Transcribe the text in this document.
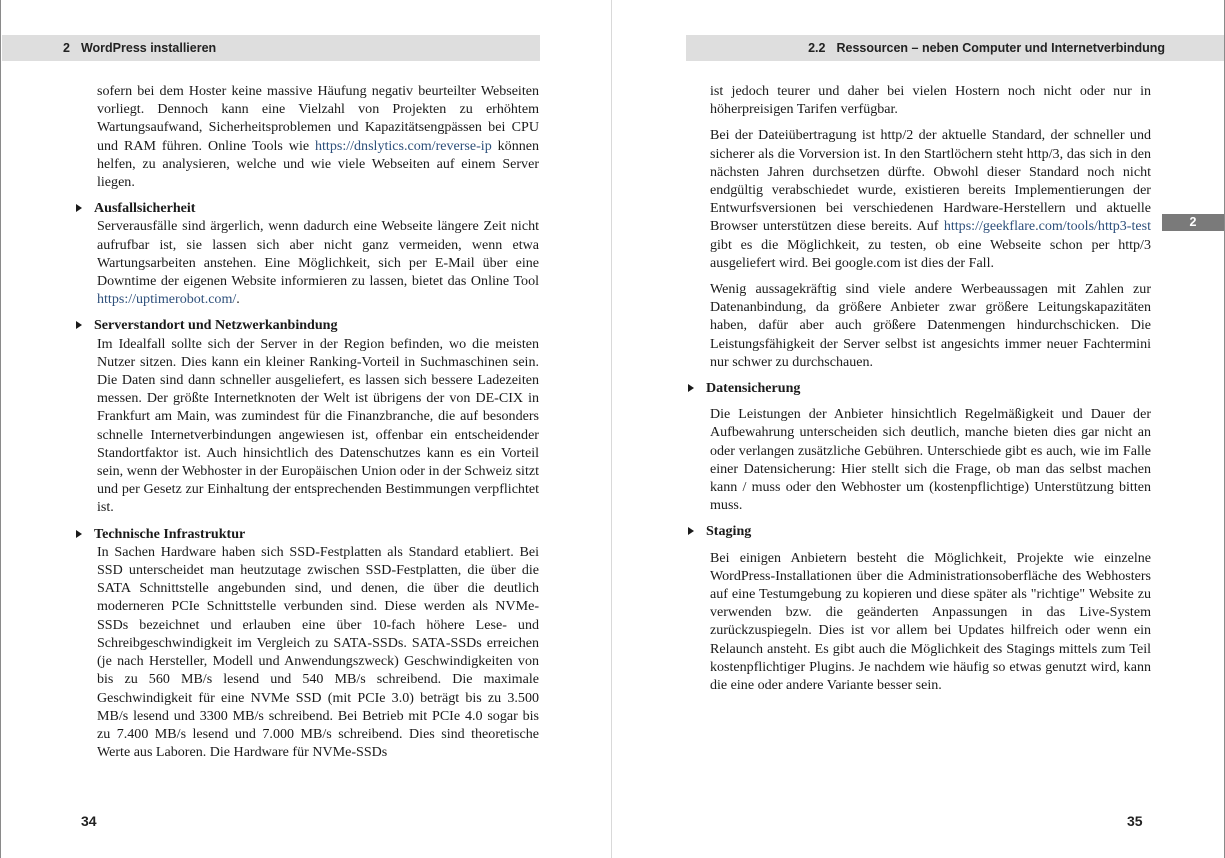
2 WordPress installieren

sofern bei dem Hoster keine massive Häufung negativ beurteilter Webseiten vorliegt. Dennoch kann eine Vielzahl von Projekten zu erhöhtem Wartungsaufwand, Sicherheitsproblemen und Kapazitätsengpässen bei CPU und RAM führen. Online Tools wie https://dnslytics.com/reverse-ip können helfen, zu analysieren, welche und wie viele Webseiten auf einem Server liegen.

Ausfallsicherheit

Serverausfälle sind ärgerlich, wenn dadurch eine Webseite längere Zeit nicht aufrufbar ist, sie lassen sich aber nicht ganz vermeiden, wenn etwa Wartungsarbeiten anstehen. Eine Möglichkeit, sich per E-Mail über eine Downtime der eigenen Website informieren zu lassen, bietet das Online Tool https://uptimerobot.com/.

Serverstandort und Netzwerkanbindung

Im Idealfall sollte sich der Server in der Region befinden, wo die meisten Nutzer sitzen. Dies kann ein kleiner Ranking-Vorteil in Suchmaschinen sein. Die Daten sind dann schneller ausgeliefert, es lassen sich bessere Ladezeiten messen. Der größte Internetknoten der Welt ist übrigens der von DE-CIX in Frankfurt am Main, was zumindest für die Finanzbranche, die auf besonders schnelle Internetverbindungen angewiesen ist, offenbar ein entscheidender Standortfaktor ist. Auch hinsichtlich des Datenschutzes kann es ein Vorteil sein, wenn der Webhoster in der Europäischen Union oder in der Schweiz sitzt und per Gesetz zur Einhaltung der entsprechenden Bestimmungen verpflichtet ist.

Technische Infrastruktur

In Sachen Hardware haben sich SSD-Festplatten als Standard etabliert. Bei SSD unterscheidet man heutzutage zwischen SSD-Festplatten, die über die SATA Schnittstelle angebunden sind, und denen, die über die deutlich moderneren PCIe Schnittstelle verbunden sind. Diese werden als NVMe-SSDs bezeichnet und erlauben eine über 10-fach höhere Lese- und Schreibgeschwindigkeit im Vergleich zu SATA-SSDs. SATA-SSDs erreichen (je nach Hersteller, Modell und Anwendungszweck) Geschwindigkeiten von bis zu 560 MB/s lesend und 540 MB/s schreibend. Die maximale Geschwindigkeit für eine NVMe SSD (mit PCIe 3.0) beträgt bis zu 3.500 MB/s lesend und 3300 MB/s schreibend. Bei Betrieb mit PCIe 4.0 sogar bis zu 7.400 MB/s lesend und 7.000 MB/s schreibend. Dies sind theoretische Werte aus Laboren. Die Hardware für NVMe-SSDs

34
2.2 Ressourcen – neben Computer und Internetverbindung
2

ist jedoch teurer und daher bei vielen Hostern noch nicht oder nur in höherpreisigen Tarifen verfügbar.

Bei der Dateiübertragung ist http/2 der aktuelle Standard, der schneller und sicherer als die Vorversion ist. In den Startlöchern steht http/3, das sich in den nächsten Jahren durchsetzen dürfte. Obwohl dieser Standard noch nicht endgültig verabschiedet wurde, existieren bereits Implementierungen der Entwurfsversionen bei verschiedenen Hardware-Herstellern und aktuelle Browser unterstützen diese bereits. Auf https://geekflare.com/tools/http3-test gibt es die Möglichkeit, zu testen, ob eine Webseite schon per http/3 ausgeliefert wird. Bei google.com ist dies der Fall.

Wenig aussagekräftig sind viele andere Werbeaussagen mit Zahlen zur Datenanbindung, da größere Anbieter zwar größere Leitungskapazitäten haben, dafür aber auch größere Datenmengen hindurchschicken. Die Leistungsfähigkeit der Server selbst ist angesichts immer neuer Fachtermini nur schwer zu durchschauen.

Datensicherung

Die Leistungen der Anbieter hinsichtlich Regelmäßigkeit und Dauer der Aufbewahrung unterscheiden sich deutlich, manche bieten dies gar nicht an oder verlangen zusätzliche Gebühren. Unterschiede gibt es auch, wie im Falle einer Datensicherung: Hier stellt sich die Frage, ob man das selbst machen kann / muss oder den Webhoster um (kostenpflichtige) Unterstützung bitten muss.

Staging

Bei einigen Anbietern besteht die Möglichkeit, Projekte wie einzelne WordPress-Installationen über die Administrationsoberfläche des Webhosters auf eine Testumgebung zu kopieren und diese später als "richtige" Website zu verwenden bzw. die geänderten Anpassungen in das Live-System zurückzuspiegeln. Dies ist vor allem bei Updates hilfreich oder wenn ein Relaunch ansteht. Es gibt auch die Möglichkeit des Stagings mittels zum Teil kostenpflichtiger Plugins. Je nachdem wie häufig so etwas genutzt wird, kann die eine oder andere Variante besser sein.

35
